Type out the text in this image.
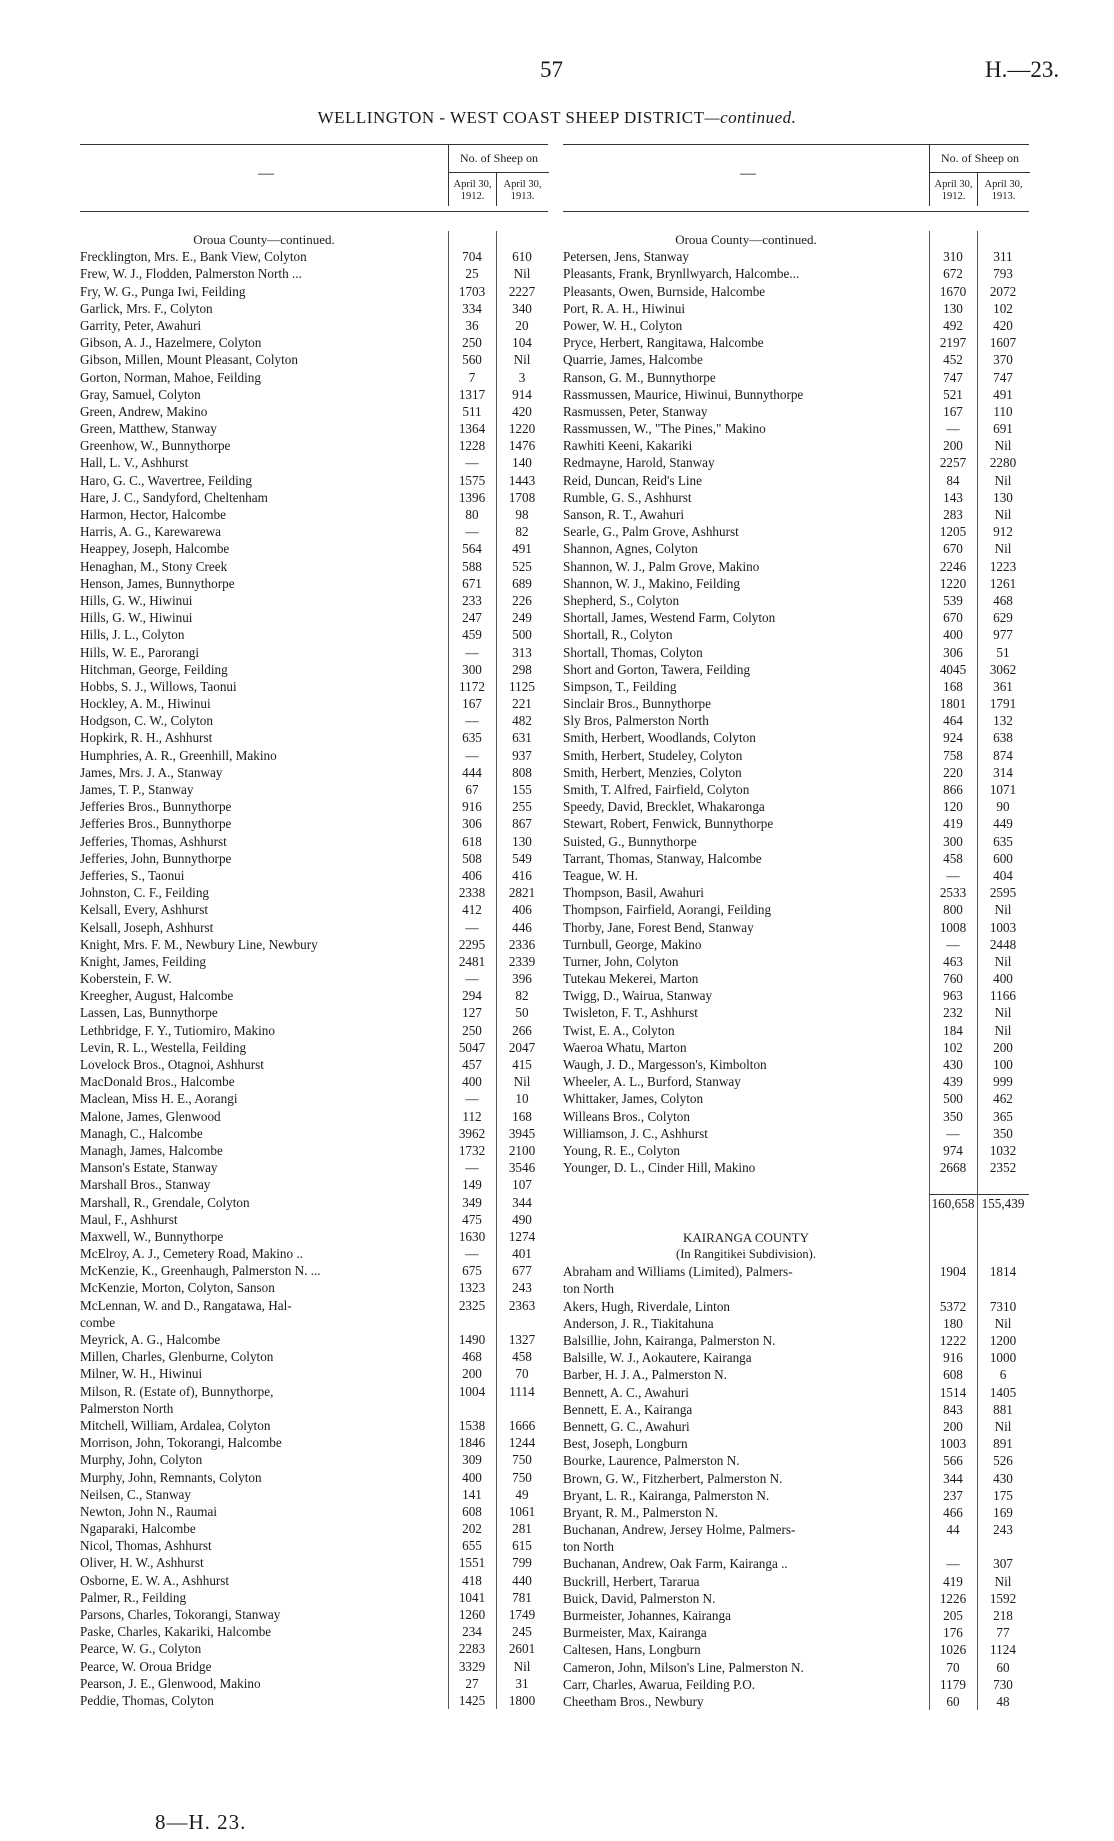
57	H.—23.
WELLINGTON - WEST COAST SHEEP DISTRICT—continued.
—
No. of Sheep on
April 30, 1912.
April 30, 1913.
Oroua County—continued.
Frecklington, Mrs. E., Bank View, Colyton	704	610
Frew, W. J., Flodden, Palmerston North ...	25	Nil
Fry, W. G., Punga Iwi, Feilding	1703	2227
Garlick, Mrs. F., Colyton	334	340
Garrity, Peter, Awahuri	36	20
Gibson, A. J., Hazelmere, Colyton	250	104
Gibson, Millen, Mount Pleasant, Colyton	560	Nil
Gorton, Norman, Mahoe, Feilding	7	3
Gray, Samuel, Colyton	1317	914
Green, Andrew, Makino	511	420
Green, Matthew, Stanway	1364	1220
Greenhow, W., Bunnythorpe	1228	1476
Hall, L. V., Ashhurst	—	140
Haro, G. C., Wavertree, Feilding	1575	1443
Hare, J. C., Sandyford, Cheltenham	1396	1708
Harmon, Hector, Halcombe	80	98
Harris, A. G., Karewarewa	—	82
Heappey, Joseph, Halcombe	564	491
Henaghan, M., Stony Creek	588	525
Henson, James, Bunnythorpe	671	689
Hills, G. W., Hiwinui	233	226
Hills, G. W., Hiwinui	247	249
Hills, J. L., Colyton	459	500
Hills, W. E., Parorangi	—	313
Hitchman, George, Feilding	300	298
Hobbs, S. J., Willows, Taonui	1172	1125
Hockley, A. M., Hiwinui	167	221
Hodgson, C. W., Colyton	—	482
Hopkirk, R. H., Ashhurst	635	631
Humphries, A. R., Greenhill, Makino	—	937
James, Mrs. J. A., Stanway	444	808
James, T. P., Stanway	67	155
Jefferies Bros., Bunnythorpe	916	255
Jefferies Bros., Bunnythorpe	306	867
Jefferies, Thomas, Ashhurst	618	130
Jefferies, John, Bunnythorpe	508	549
Jefferies, S., Taonui	406	416
Johnston, C. F., Feilding	2338	2821
Kelsall, Every, Ashhurst	412	406
Kelsall, Joseph, Ashhurst	—	446
Knight, Mrs. F. M., Newbury Line, Newbury	2295	2336
Knight, James, Feilding	2481	2339
Koberstein, F. W.	—	396
Kreegher, August, Halcombe	294	82
Lassen, Las, Bunnythorpe	127	50
Lethbridge, F. Y., Tutiomiro, Makino	250	266
Levin, R. L., Westella, Feilding	5047	2047
Lovelock Bros., Otagnoi, Ashhurst	457	415
MacDonald Bros., Halcombe	400	Nil
Maclean, Miss H. E., Aorangi	—	10
Malone, James, Glenwood	112	168
Managh, C., Halcombe	3962	3945
Managh, James, Halcombe	1732	2100
Manson's Estate, Stanway	—	3546
Marshall Bros., Stanway	149	107
Marshall, R., Grendale, Colyton	349	344
Maul, F., Ashhurst	475	490
Maxwell, W., Bunnythorpe	1630	1274
McElroy, A. J., Cemetery Road, Makino ..	—	401
McKenzie, K., Greenhaugh, Palmerston N. ...	675	677
McKenzie, Morton, Colyton, Sanson	1323	243
McLennan, W. and D., Rangatawa, Hal-	2325	2363
combe
Meyrick, A. G., Halcombe	1490	1327
Millen, Charles, Glenburne, Colyton	468	458
Milner, W. H., Hiwinui	200	70
Milson, R. (Estate of), Bunnythorpe,	1004	1114
Palmerston North
Mitchell, William, Ardalea, Colyton	1538	1666
Morrison, John, Tokorangi, Halcombe	1846	1244
Murphy, John, Colyton	309	750
Murphy, John, Remnants, Colyton	400	750
Neilsen, C., Stanway	141	49
Newton, John N., Raumai	608	1061
Ngaparaki, Halcombe	202	281
Nicol, Thomas, Ashhurst	655	615
Oliver, H. W., Ashhurst	1551	799
Osborne, E. W. A., Ashhurst	418	440
Palmer, R., Feilding	1041	781
Parsons, Charles, Tokorangi, Stanway	1260	1749
Paske, Charles, Kakariki, Halcombe	234	245
Pearce, W. G., Colyton	2283	2601
Pearce, W. Oroua Bridge	3329	Nil
Pearson, J. E., Glenwood, Makino	27	31
Peddie, Thomas, Colyton	1425	1800
—
No. of Sheep on
April 30, 1912.
April 30, 1913.
Oroua County—continued.
Petersen, Jens, Stanway	310	311
Pleasants, Frank, Brynllwyarch, Halcombe...	672	793
Pleasants, Owen, Burnside, Halcombe	1670	2072
Port, R. A. H., Hiwinui	130	102
Power, W. H., Colyton	492	420
Pryce, Herbert, Rangitawa, Halcombe	2197	1607
Quarrie, James, Halcombe	452	370
Ranson, G. M., Bunnythorpe	747	747
Rassmussen, Maurice, Hiwinui, Bunnythorpe	521	491
Rasmussen, Peter, Stanway	167	110
Rassmussen, W., "The Pines," Makino	—	691
Rawhiti Keeni, Kakariki	200	Nil
Redmayne, Harold, Stanway	2257	2280
Reid, Duncan, Reid's Line	84	Nil
Rumble, G. S., Ashhurst	143	130
Sanson, R. T., Awahuri	283	Nil
Searle, G., Palm Grove, Ashhurst	1205	912
Shannon, Agnes, Colyton	670	Nil
Shannon, W. J., Palm Grove, Makino	2246	1223
Shannon, W. J., Makino, Feilding	1220	1261
Shepherd, S., Colyton	539	468
Shortall, James, Westend Farm, Colyton	670	629
Shortall, R., Colyton	400	977
Shortall, Thomas, Colyton	306	51
Short and Gorton, Tawera, Feilding	4045	3062
Simpson, T., Feilding	168	361
Sinclair Bros., Bunnythorpe	1801	1791
Sly Bros, Palmerston North	464	132
Smith, Herbert, Woodlands, Colyton	924	638
Smith, Herbert, Studeley, Colyton	758	874
Smith, Herbert, Menzies, Colyton	220	314
Smith, T. Alfred, Fairfield, Colyton	866	1071
Speedy, David, Brecklet, Whakaronga	120	90
Stewart, Robert, Fenwick, Bunnythorpe	419	449
Suisted, G., Bunnythorpe	300	635
Tarrant, Thomas, Stanway, Halcombe	458	600
Teague, W. H.	—	404
Thompson, Basil, Awahuri	2533	2595
Thompson, Fairfield, Aorangi, Feilding	800	Nil
Thorby, Jane, Forest Bend, Stanway	1008	1003
Turnbull, George, Makino	—	2448
Turner, John, Colyton	463	Nil
Tutekau Mekerei, Marton	760	400
Twigg, D., Wairua, Stanway	963	1166
Twisleton, F. T., Ashhurst	232	Nil
Twist, E. A., Colyton	184	Nil
Waeroa Whatu, Marton	102	200
Waugh, J. D., Margesson's, Kimbolton	430	100
Wheeler, A. L., Burford, Stanway	439	999
Whittaker, James, Colyton	500	462
Willeans Bros., Colyton	350	365
Williamson, J. C., Ashhurst	—	350
Young, R. E., Colyton	974	1032
Younger, D. L., Cinder Hill, Makino	2668	2352
160,658 155,439
KAIRANGA COUNTY
(In Rangitikei Subdivision).
Abraham and Williams (Limited), Palmers-	1904	1814
ton North
Akers, Hugh, Riverdale, Linton	5372	7310
Anderson, J. R., Tiakitahuna	180	Nil
Balsillie, John, Kairanga, Palmerston N.	1222	1200
Balsille, W. J., Aokautere, Kairanga	916	1000
Barber, H. J. A., Palmerston N.	608	6
Bennett, A. C., Awahuri	1514	1405
Bennett, E. A., Kairanga	843	881
Bennett, G. C., Awahuri	200	Nil
Best, Joseph, Longburn	1003	891
Bourke, Laurence, Palmerston N.	566	526
Brown, G. W., Fitzherbert, Palmerston N.	344	430
Bryant, L. R., Kairanga, Palmerston N.	237	175
Bryant, R. M., Palmerston N.	466	169
Buchanan, Andrew, Jersey Holme, Palmers-	44	243
ton North
Buchanan, Andrew, Oak Farm, Kairanga ..	—	307
Buckrill, Herbert, Tararua	419	Nil
Buick, David, Palmerston N.	1226	1592
Burmeister, Johannes, Kairanga	205	218
Burmeister, Max, Kairanga	176	77
Caltesen, Hans, Longburn	1026	1124
Cameron, John, Milson's Line, Palmerston N.	70	60
Carr, Charles, Awarua, Feilding P.O.	1179	730
Cheetham Bros., Newbury	60	48
8—H. 23.
